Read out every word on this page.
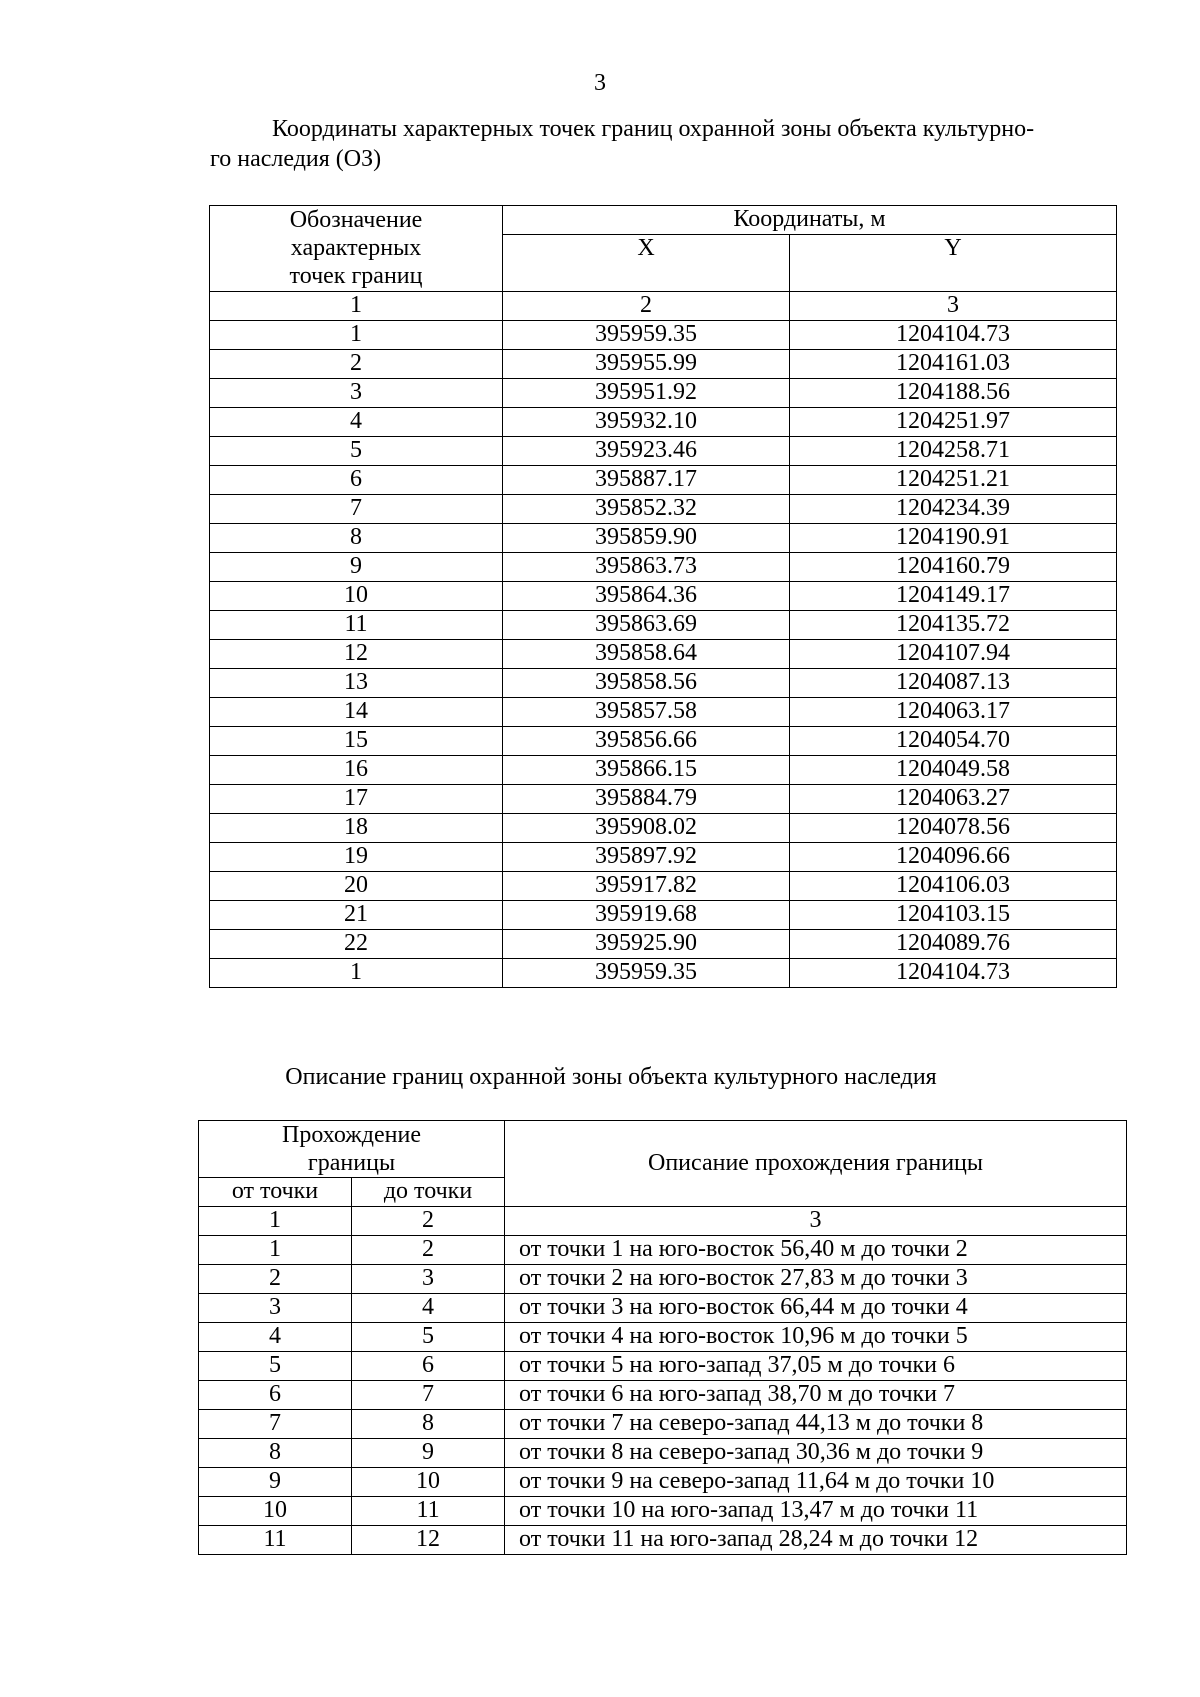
3
Координаты характерных точек границ охранной зоны объекта культурно-
го наследия (ОЗ)
Обозначение
характерных
точек границ	Координаты, м	
	X	Y
1	2	3
1	395959.35	1204104.73
2	395955.99	1204161.03
3	395951.92	1204188.56
4	395932.10	1204251.97
5	395923.46	1204258.71
6	395887.17	1204251.21
7	395852.32	1204234.39
8	395859.90	1204190.91
9	395863.73	1204160.79
10	395864.36	1204149.17
11	395863.69	1204135.72
12	395858.64	1204107.94
13	395858.56	1204087.13
14	395857.58	1204063.17
15	395856.66	1204054.70
16	395866.15	1204049.58
17	395884.79	1204063.27
18	395908.02	1204078.56
19	395897.92	1204096.66
20	395917.82	1204106.03
21	395919.68	1204103.15
22	395925.90	1204089.76
1	395959.35	1204104.73
Описание границ охранной зоны объекта культурного наследия
Прохождение
границы		Описание прохождения границы
от точки	до точки	
1	2	3
1	2	от точки 1 на юго-восток 56,40 м до точки 2
2	3	от точки 2 на юго-восток 27,83 м до точки 3
3	4	от точки 3 на юго-восток 66,44 м до точки 4
4	5	от точки 4 на юго-восток 10,96 м до точки 5
5	6	от точки 5 на юго-запад 37,05 м до точки 6
6	7	от точки 6 на юго-запад 38,70 м до точки 7
7	8	от точки 7 на северо-запад 44,13 м до точки 8
8	9	от точки 8 на северо-запад 30,36 м до точки 9
9	10	от точки 9 на северо-запад 11,64 м до точки 10
10	11	от точки 10 на юго-запад 13,47 м до точки 11
11	12	от точки 11 на юго-запад 28,24 м до точки 12
